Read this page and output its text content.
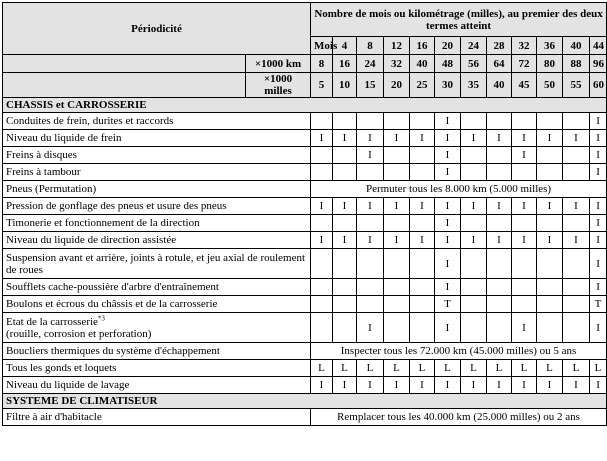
Périodicité		Nombre de mois ou kilométrage (milles), au premier des deux termes atteint												
		Mois	4	8	12	16	20	24	28	32	36	40	44	
	×1000 km	8	16	24	32	40	48	56	64	72	80	88	96	
	×1000 milles	5	10	15	20	25	30	35	40	45	50	55	60	
CHASSIS et CARROSSERIE														
Conduites de frein, durites et raccords							I						I	
Niveau du liquide de frein		I	I	I	I	I	I	I	I	I	I	I	I	
Freins à disques				I			I			I			I	
Freins à tambour							I						I	
Pneus (Permutation)		Permuter tous les 8.000 km (5.000 milles)												
Pression de gonflage des pneus et usure des pneus		I	I	I	I	I	I	I	I	I	I	I	I	
Timonerie et fonctionnement de la direction							I						I	
Niveau du liquide de direction assistée		I	I	I	I	I	I	I	I	I	I	I	I	
Suspension avant et arrière, joints à rotule, et jeu axial de roulement de roues							I						I	
Soufflets cache-poussière d'arbre d'entraînement							I						I	
Boulons et écrous du châssis et de la carrosserie							T						T	
Etat de la carrosserie$^{*3}$
(rouille, corrosion et perforation)				I			I			I			I	
Boucliers thermiques du système d'échappement		Inspecter tous les 72.000 km (45.000 milles) ou 5 ans												
Tous les gonds et loquets		L	L	L	L	L	L	L	L	L	L	L	L	
Niveau du liquide de lavage		I	I	I	I	I	I	I	I	I	I	I	I	
SYSTEME DE CLIMATISEUR														
Filtre à air d'habitacle		Remplacer tous les 40.000 km (25.000 milles) ou 2 ans												
